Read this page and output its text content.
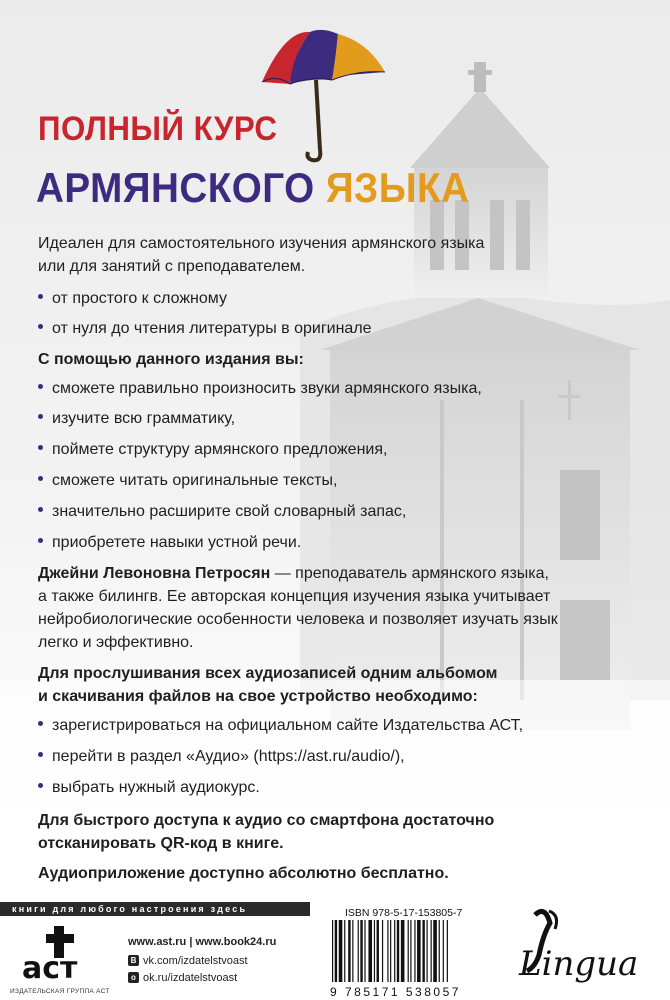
ПОЛНЫЙ КУРС
АРМЯНСКОГО ЯЗЫКА
Идеален для самостоятельного изучения армянского языка
или для занятий с преподавателем.
от простого к сложному
от нуля до чтения литературы в оригинале
С помощью данного издания вы:
сможете правильно произносить звуки армянского языка,
изучите всю грамматику,
поймете структуру армянского предложения,
сможете читать оригинальные тексты,
значительно расширите свой словарный запас,
приобретете навыки устной речи.
Джейни Левоновна Петросян — преподаватель армянского языка,
а также билингв. Ее авторская концепция изучения языка учитывает
нейробиологические особенности человека и позволяет изучать язык
легко и эффективно.
Для прослушивания всех аудиозаписей одним альбомом
и скачивания файлов на свое устройство необходимо:
зарегистрироваться на официальном сайте Издательства АСТ,
перейти в раздел «Аудио» (https://ast.ru/audio/),
выбрать нужный аудиокурс.
Для быстрого доступа к аудио со смартфона достаточно
отсканировать QR-код в книге.
Аудиоприложение доступно абсолютно бесплатно.
книги для любого настроения здесь
аст
ИЗДАТЕЛЬСКАЯ ГРУППА АСТ
www.ast.ru | www.book24.ru
B vk.com/izdatelstvoast
o ok.ru/izdatelstvoast
ISBN 978-5-17-153805-7
9 785171 538057
Lingua
